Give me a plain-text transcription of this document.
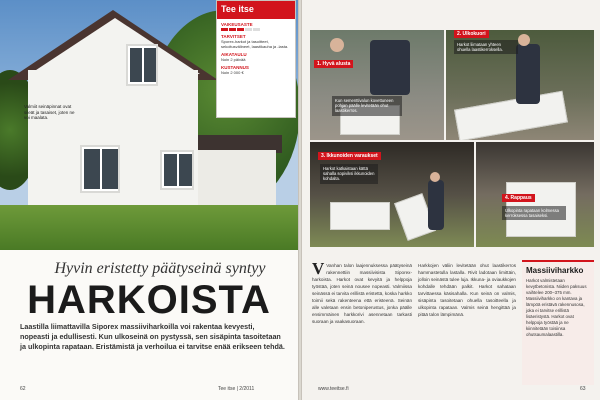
Valmiit seinäpinnat ovat sileät ja tasaiset, joten ne voi maalata.
Tee itse
VAIKEUSASTE
TARVITSET
Sporex-harkot ja tasoitteet, sekoitusvälineet, laastikauha ja -lasta.
AIKATAULU
Noin 2 päivää
KUSTANNUS
Noin 2 000 €
Hyvin eristetty päätyseinä syntyy
HARKOISTA
Laastilla liimattavilla Siporex massiiviharkoilla voi rakentaa kevyesti, nopeasti ja edullisesti. Kun ulkoseinä on pystyssä, sen sisäpinta tasoitetaan ja ulkopinta rapataan. Eristämistä ja verhoilua ei tarvitse enää erikseen tehdä.
62	Tee itse | 2/2011
1. Hyvä alusta
Kun sementtivalun kovettuneen pohjan päälle levitetään ohut laastikerros.
2. Ulkokuori
Harkot liimataan yhteen ohuella laastikerroksella.
3. Ikkunoiden varaukset
Harkot katkaistaan kättä sahalla sopiviksi ikkunoiden kohdalta.
4. Rappaus
Ulkopinta rapataan kolmessa kerroksessa tasaiseksi.
V Vanhan talon laajennuksessa päätyseinä rakennettiin massiivisista Siporex-harkoista. Harkot ovat kevyitä ja helppoja työstää, joten seinä nousee nopeasti. Valmiissa seinässä ei tarvita erillistä eristettä, koska harkko toimii sekä rakenteena että eristeenä. Seinän alle valetaan ensin betoniperustus, jonka päälle ensimmäinen harkkorivi asennetaan tarkasti suoraan ja vaakasuoraan.
Harkkojen väliin levitetään ohut laastikerros hammastetulla lastalla. Rivit ladotaan limittäin, jolloin seinästä tulee luja. Ikkuna- ja oviaukkojen kohdalle tehdään palkit. Harkot sahataan tarvittaessa käsisahalla. Kun seinä on valmis, sisäpinta tasoitetaan ohuella tasoitteella ja ulkopinta rapataan. Valmis seinä hengittää ja pitää talon lämpimänä.
Massiiviharkko
Harkot valmistetaan kevytbetonista. Niiden paksuus vaihtelee 200–375 mm. Massiiviharkko on kantava ja lämpöä eristävä rakennusosa, joka ei tarvitse erillistä lisäeristystä. Harkot ovat helppoja työstää ja ne kiinnitetään toisiinsa ohutsaumalaastilla.
www.teeitse.fi	63
